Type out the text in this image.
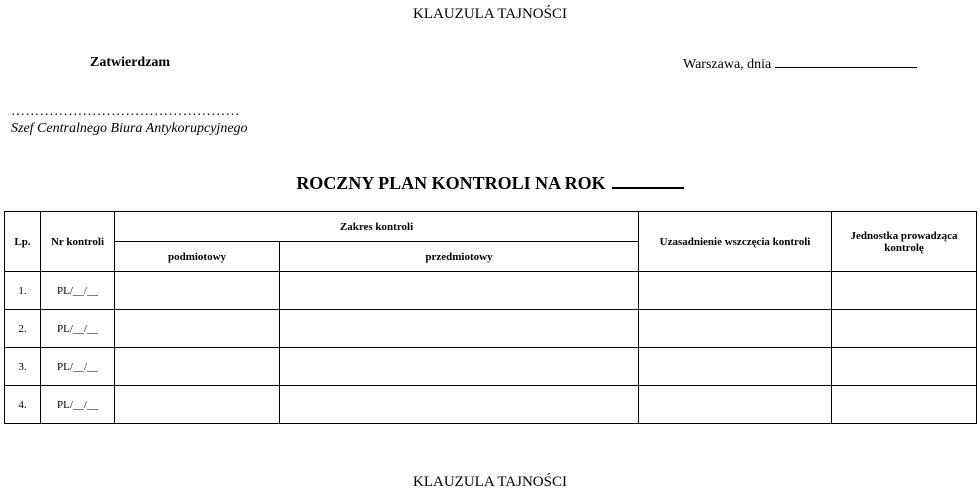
KLAUZULA TAJNOŚCI
Zatwierdzam	Warszawa, dnia
…………………………………………
Szef Centralnego Biura Antykorupcyjnego
ROCZNY PLAN KONTROLI NA ROK
Lp.	Nr kontroli	Zakres kontroli		Uzasadnienie wszczęcia kontroli	Jednostka prowadząca kontrolę
		podmiotowy	przedmiotowy		
1.	PL/__/__				
2.	PL/__/__				
3.	PL/__/__				
4.	PL/__/__				
KLAUZULA TAJNOŚCI
